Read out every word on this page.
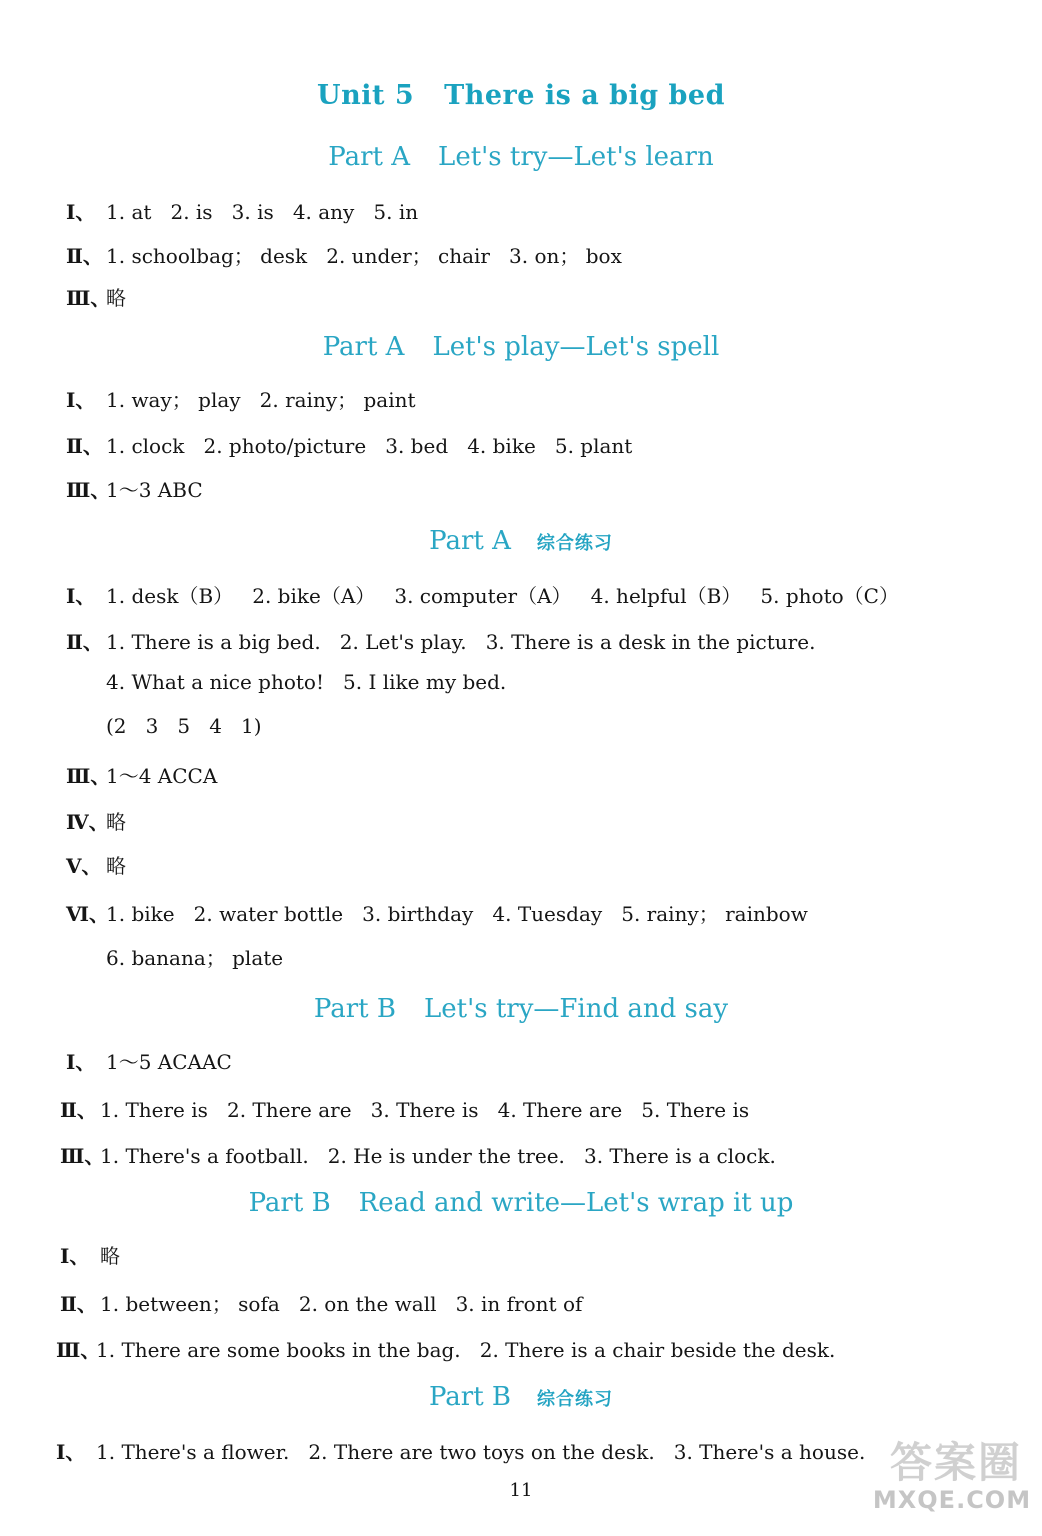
Unit 5 There is a big bed
Part A Let's try—Let's learn
Ⅰ、 1. at   2. is   3. is   4. any   5. in
Ⅱ、 1. schoolbag； desk   2. under； chair   3. on； box
Ⅲ、略
Part A Let's play—Let's spell
Ⅰ、 1. way； play   2. rainy； paint
Ⅱ、 1. clock   2. photo/picture   3. bed   4. bike   5. plant
Ⅲ、1～3 ABC
Part A 综合练习
Ⅰ、 1. desk（B）   2. bike（A）   3. computer（A）   4. helpful（B）   5. photo（C）
Ⅱ、 1. There is a big bed.   2. Let's play.   3. There is a desk in the picture.
4. What a nice photo!   5. I like my bed.
(2   3   5   4   1)
Ⅲ、1～4 ACCA
Ⅳ、略
Ⅴ、 略
Ⅵ、1. bike   2. water bottle   3. birthday   4. Tuesday   5. rainy； rainbow
6. banana； plate
Part B Let's try—Find and say
Ⅰ、 1～5 ACAAC
Ⅱ、 1. There is   2. There are   3. There is   4. There are   5. There is
Ⅲ、1. There's a football.   2. He is under the tree.   3. There is a clock.
Part B Read and write—Let's wrap it up
Ⅰ、 略
Ⅱ、 1. between； sofa   2. on the wall   3. in front of
Ⅲ、1. There are some books in the bag.   2. There is a chair beside the desk.
Part B 综合练习
Ⅰ、 1. There's a flower.   2. There are two toys on the desk.   3. There's a house.
11
答案圈
MXQE.COM
